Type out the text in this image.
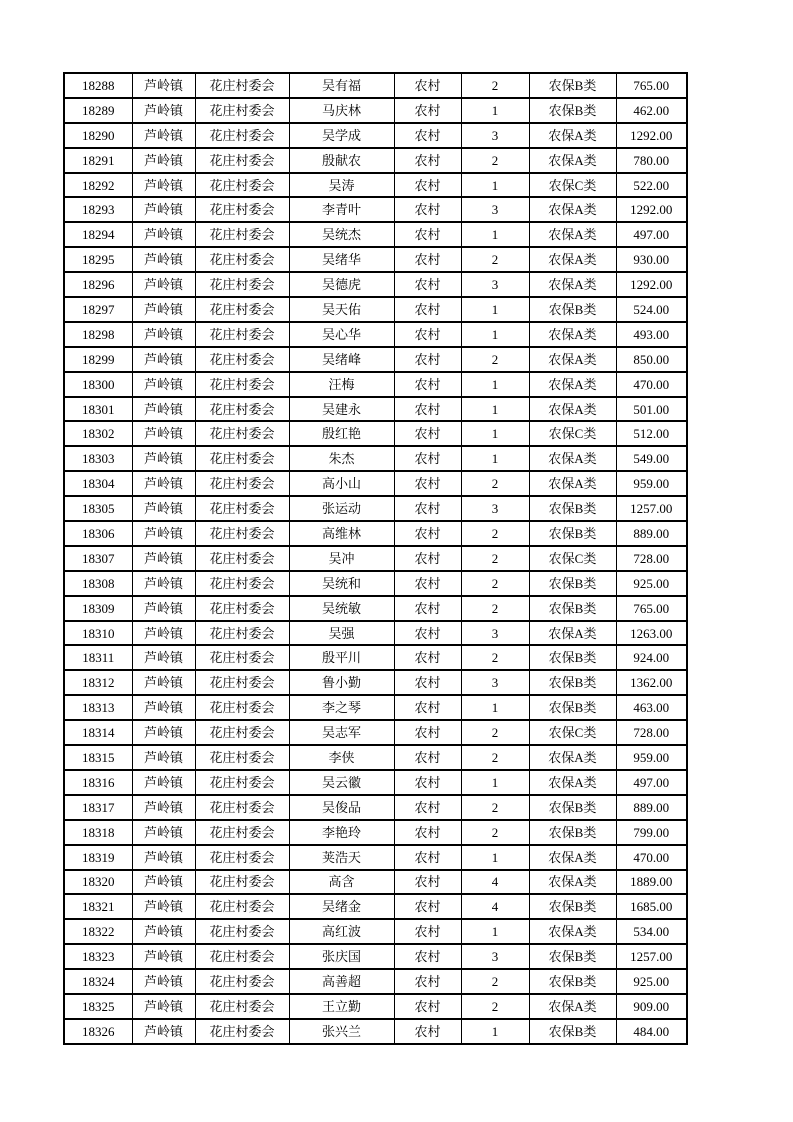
18288	芦岭镇	花庄村委会	吴有福	农村	2	农保B类	765.00
18289	芦岭镇	花庄村委会	马庆林	农村	1	农保B类	462.00
18290	芦岭镇	花庄村委会	吴学成	农村	3	农保A类	1292.00
18291	芦岭镇	花庄村委会	殷献农	农村	2	农保A类	780.00
18292	芦岭镇	花庄村委会	吴涛	农村	1	农保C类	522.00
18293	芦岭镇	花庄村委会	李青叶	农村	3	农保A类	1292.00
18294	芦岭镇	花庄村委会	吴统杰	农村	1	农保A类	497.00
18295	芦岭镇	花庄村委会	吴绪华	农村	2	农保A类	930.00
18296	芦岭镇	花庄村委会	吴德虎	农村	3	农保A类	1292.00
18297	芦岭镇	花庄村委会	吴天佑	农村	1	农保B类	524.00
18298	芦岭镇	花庄村委会	吴心华	农村	1	农保A类	493.00
18299	芦岭镇	花庄村委会	吴绪峰	农村	2	农保A类	850.00
18300	芦岭镇	花庄村委会	汪梅	农村	1	农保A类	470.00
18301	芦岭镇	花庄村委会	吴建永	农村	1	农保A类	501.00
18302	芦岭镇	花庄村委会	殷红艳	农村	1	农保C类	512.00
18303	芦岭镇	花庄村委会	朱杰	农村	1	农保A类	549.00
18304	芦岭镇	花庄村委会	高小山	农村	2	农保A类	959.00
18305	芦岭镇	花庄村委会	张运动	农村	3	农保B类	1257.00
18306	芦岭镇	花庄村委会	高维林	农村	2	农保B类	889.00
18307	芦岭镇	花庄村委会	吴冲	农村	2	农保C类	728.00
18308	芦岭镇	花庄村委会	吴统和	农村	2	农保B类	925.00
18309	芦岭镇	花庄村委会	吴统敏	农村	2	农保B类	765.00
18310	芦岭镇	花庄村委会	吴强	农村	3	农保A类	1263.00
18311	芦岭镇	花庄村委会	殷平川	农村	2	农保B类	924.00
18312	芦岭镇	花庄村委会	鲁小勤	农村	3	农保B类	1362.00
18313	芦岭镇	花庄村委会	李之琴	农村	1	农保B类	463.00
18314	芦岭镇	花庄村委会	吴志军	农村	2	农保C类	728.00
18315	芦岭镇	花庄村委会	李侠	农村	2	农保A类	959.00
18316	芦岭镇	花庄村委会	吴云徽	农村	1	农保A类	497.00
18317	芦岭镇	花庄村委会	吴俊品	农村	2	农保B类	889.00
18318	芦岭镇	花庄村委会	李艳玲	农村	2	农保B类	799.00
18319	芦岭镇	花庄村委会	荚浩天	农村	1	农保A类	470.00
18320	芦岭镇	花庄村委会	高含	农村	4	农保A类	1889.00
18321	芦岭镇	花庄村委会	吴绪金	农村	4	农保B类	1685.00
18322	芦岭镇	花庄村委会	高红波	农村	1	农保A类	534.00
18323	芦岭镇	花庄村委会	张庆国	农村	3	农保B类	1257.00
18324	芦岭镇	花庄村委会	高善超	农村	2	农保B类	925.00
18325	芦岭镇	花庄村委会	王立勤	农村	2	农保A类	909.00
18326	芦岭镇	花庄村委会	张兴兰	农村	1	农保B类	484.00
